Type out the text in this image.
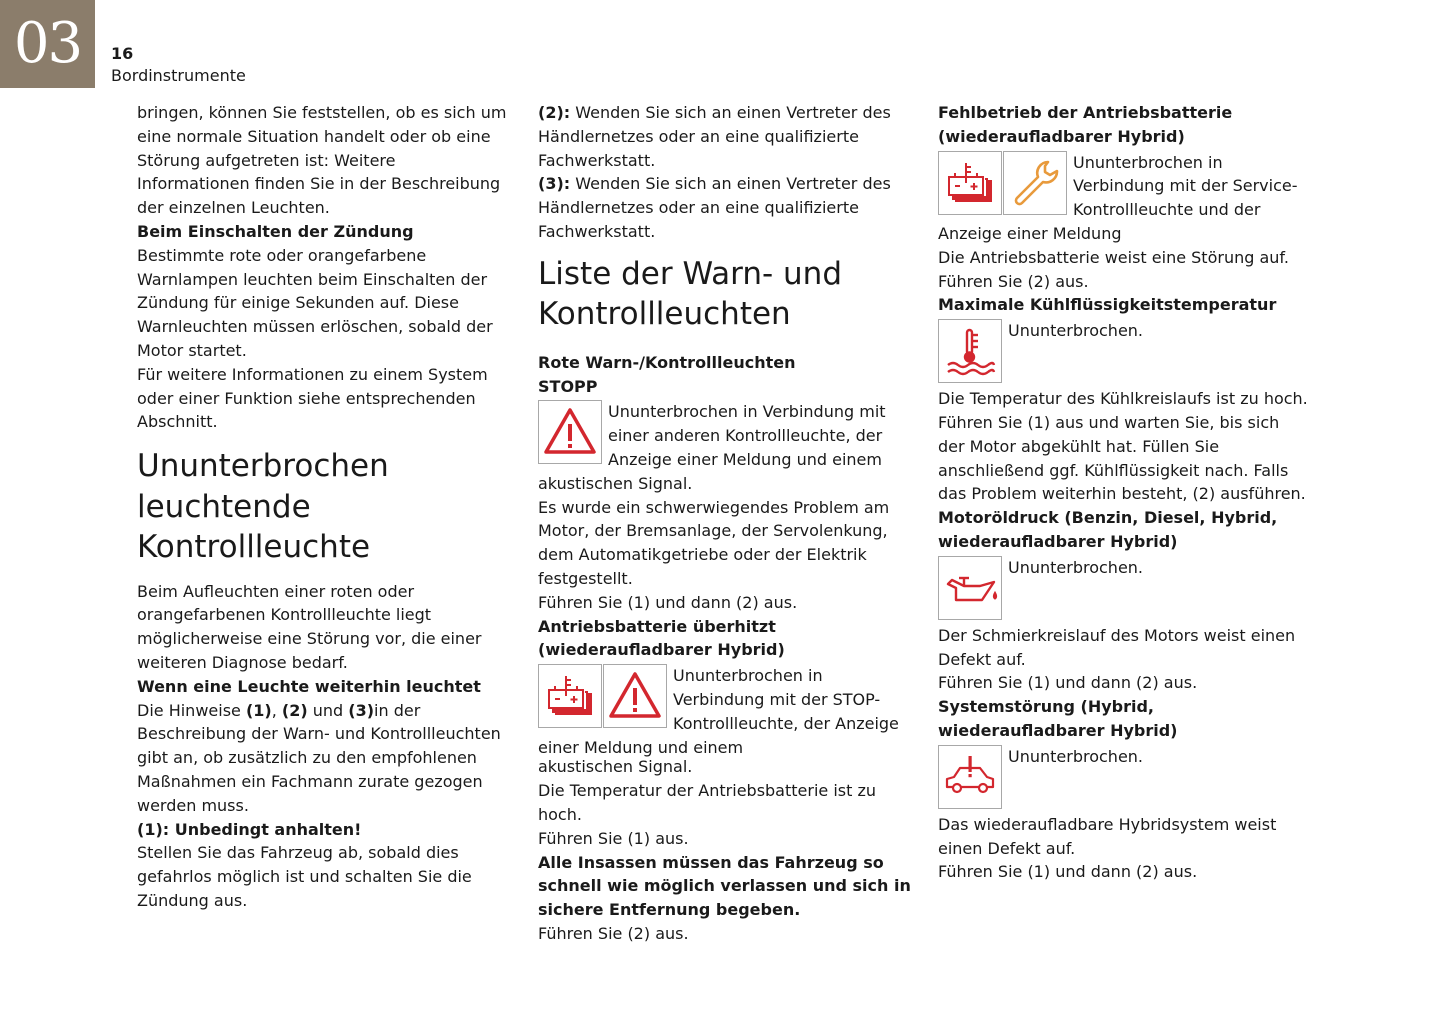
03	16
Bordinstrumente

bringen, können Sie feststellen, ob es sich um eine normale Situation handelt oder ob eine Störung aufgetreten ist: Weitere Informationen finden Sie in der Beschreibung der einzelnen Leuchten.

Beim Einschalten der Zündung

Bestimmte rote oder orangefarbene Warnlampen leuchten beim Einschalten der Zündung für einige Sekunden auf. Diese Warnleuchten müssen erlöschen, sobald der Motor startet.

Für weitere Informationen zu einem System oder einer Funktion siehe entsprechenden Abschnitt.

Ununterbrochen
leuchtende
Kontrollleuchte

Beim Aufleuchten einer roten oder orangefarbenen Kontrollleuchte liegt möglicherweise eine Störung vor, die einer weiteren Diagnose bedarf.

Wenn eine Leuchte weiterhin leuchtet

Die Hinweise (1), (2) und (3)in der Beschreibung der Warn- und Kontrollleuchten gibt an, ob zusätzlich zu den empfohlenen Maßnahmen ein Fachmann zurate gezogen werden muss.

(1): Unbedingt anhalten!

Stellen Sie das Fahrzeug ab, sobald dies gefahrlos möglich ist und schalten Sie die Zündung aus.

(2): Wenden Sie sich an einen Vertreter des Händlernetzes oder an eine qualifizierte Fachwerkstatt.

(3): Wenden Sie sich an einen Vertreter des Händlernetzes oder an eine qualifizierte Fachwerkstatt.

Liste der Warn- und
Kontrollleuchten

Rote Warn-/Kontrollleuchten

STOPP

Ununterbrochen in Verbindung mit einer anderen Kontrollleuchte, der Anzeige einer Meldung und einem akustischen Signal.

Es wurde ein schwerwiegendes Problem am Motor, der Bremsanlage, der Servolenkung, dem Automatikgetriebe oder der Elektrik festgestellt.

Führen Sie (1) und dann (2) aus.

Antriebsbatterie überhitzt (wiederaufladbarer Hybrid)

Ununterbrochen in Verbindung mit der STOP-Kontrollleuchte, der Anzeige einer Meldung und einem

akustischen Signal.

Die Temperatur der Antriebsbatterie ist zu hoch.

Führen Sie (1) aus.

Alle Insassen müssen das Fahrzeug so schnell wie möglich verlassen und sich in sichere Entfernung begeben.

Führen Sie (2) aus.

Fehlbetrieb der Antriebsbatterie (wiederaufladbarer Hybrid)

Ununterbrochen in Verbindung mit der Service-Kontrollleuchte und der Anzeige einer Meldung

Die Antriebsbatterie weist eine Störung auf.

Führen Sie (2) aus.

Maximale Kühlflüssigkeitstemperatur

Ununterbrochen.

Die Temperatur des Kühlkreislaufs ist zu hoch.

Führen Sie (1) aus und warten Sie, bis sich der Motor abgekühlt hat. Füllen Sie anschließend ggf. Kühlflüssigkeit nach. Falls das Problem weiterhin besteht, (2) ausführen.

Motoröldruck (Benzin, Diesel, Hybrid, wiederaufladbarer Hybrid)

Ununterbrochen.

Der Schmierkreislauf des Motors weist einen Defekt auf.

Führen Sie (1) und dann (2) aus.

Systemstörung (Hybrid, wiederaufladbarer Hybrid)

Ununterbrochen.

Das wiederaufladbare Hybridsystem weist einen Defekt auf.

Führen Sie (1) und dann (2) aus.
